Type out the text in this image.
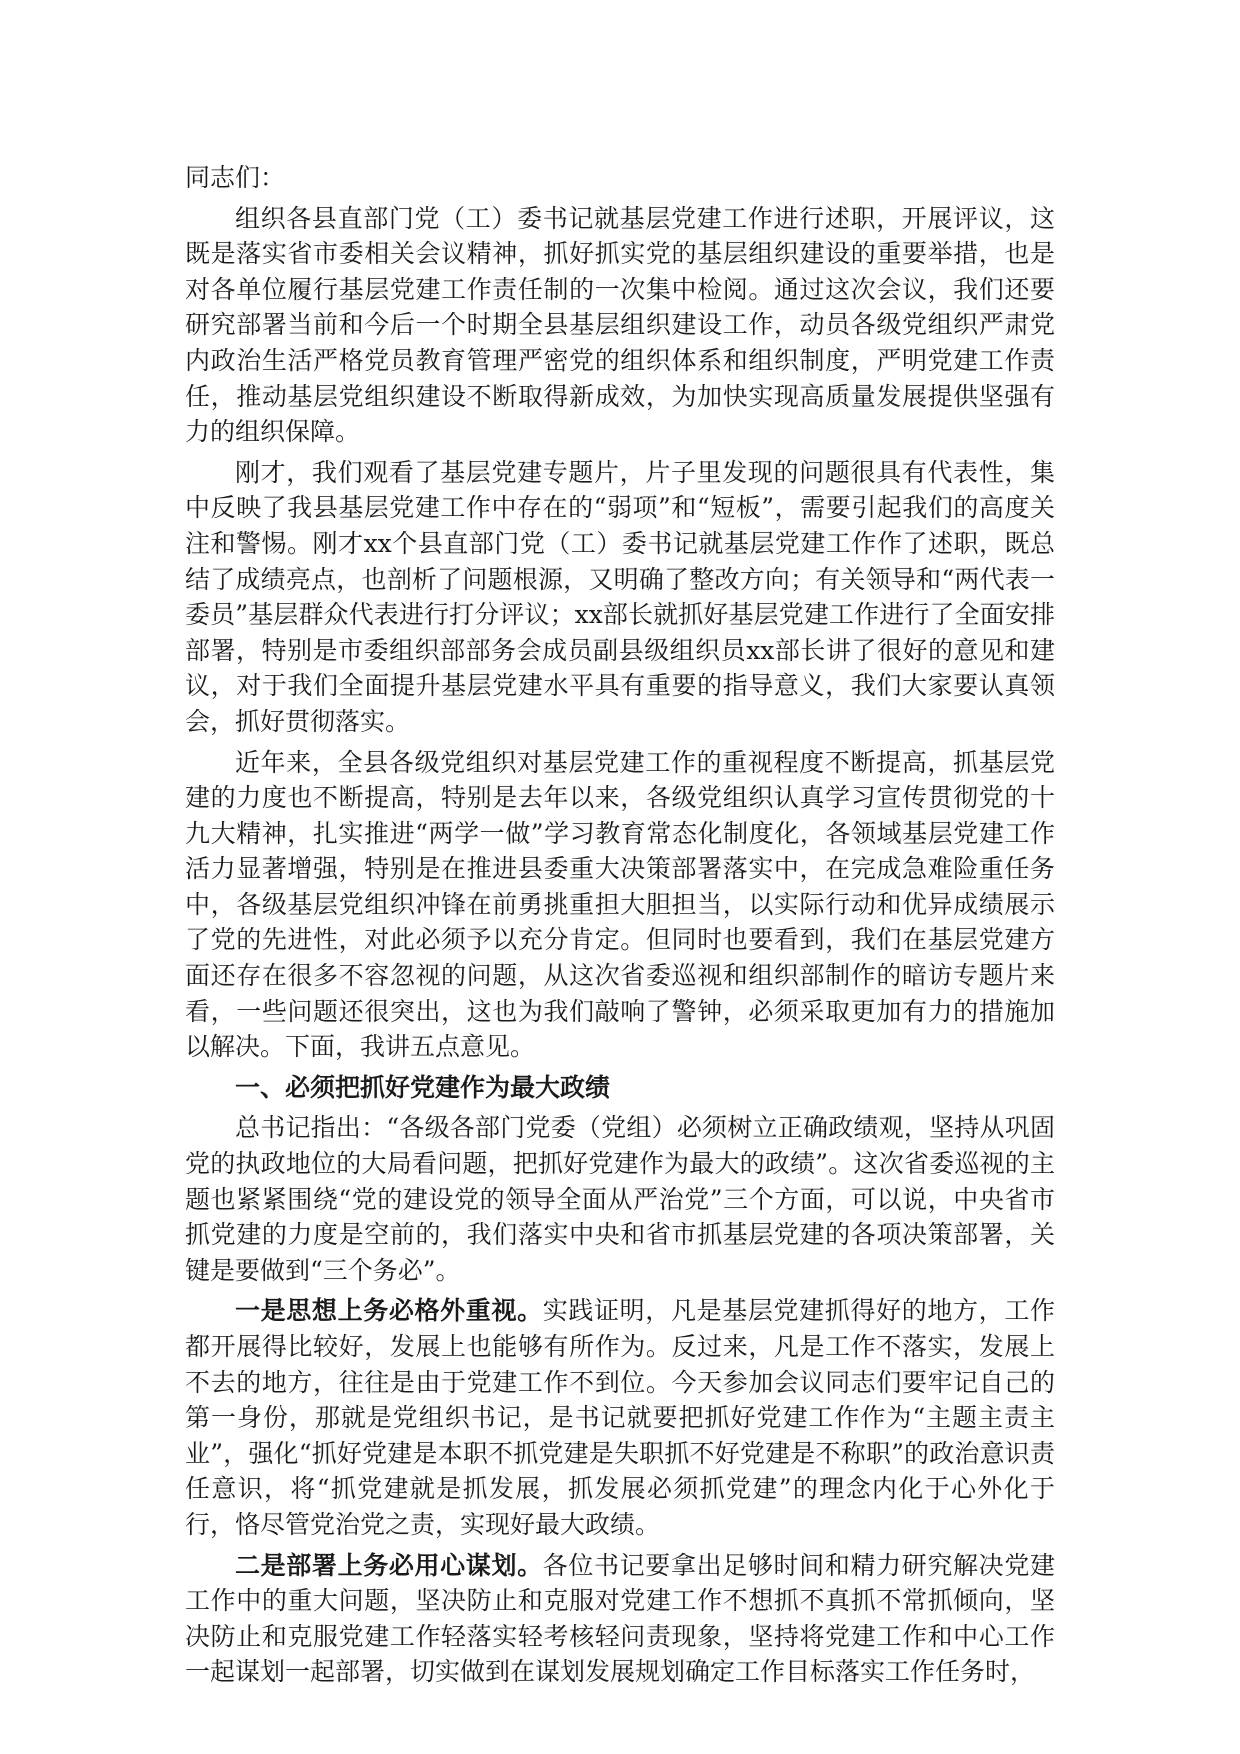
同志们：

组织各县直部门党（工）委书记就基层党建工作进行述职，开展评议，这既是落实省市委相关会议精神，抓好抓实党的基层组织建设的重要举措，也是对各单位履行基层党建工作责任制的一次集中检阅。通过这次会议，我们还要研究部署当前和今后一个时期全县基层组织建设工作，动员各级党组织严肃党内政治生活严格党员教育管理严密党的组织体系和组织制度，严明党建工作责任，推动基层党组织建设不断取得新成效，为加快实现高质量发展提供坚强有力的组织保障。

刚才，我们观看了基层党建专题片，片子里发现的问题很具有代表性，集中反映了我县基层党建工作中存在的“弱项”和“短板”，需要引起我们的高度关注和警惕。刚才xx个县直部门党（工）委书记就基层党建工作作了述职，既总结了成绩亮点，也剖析了问题根源，又明确了整改方向；有关领导和“两代表一委员”基层群众代表进行打分评议；xx部长就抓好基层党建工作进行了全面安排部署，特别是市委组织部部务会成员副县级组织员xx部长讲了很好的意见和建议，对于我们全面提升基层党建水平具有重要的指导意义，我们大家要认真领会，抓好贯彻落实。

近年来，全县各级党组织对基层党建工作的重视程度不断提高，抓基层党建的力度也不断提高，特别是去年以来，各级党组织认真学习宣传贯彻党的十九大精神，扎实推进“两学一做”学习教育常态化制度化，各领域基层党建工作活力显著增强，特别是在推进县委重大决策部署落实中，在完成急难险重任务中，各级基层党组织冲锋在前勇挑重担大胆担当，以实际行动和优异成绩展示了党的先进性，对此必须予以充分肯定。但同时也要看到，我们在基层党建方面还存在很多不容忽视的问题，从这次省委巡视和组织部制作的暗访专题片来看，一些问题还很突出，这也为我们敲响了警钟，必须采取更加有力的措施加以解决。下面，我讲五点意见。

一、必须把抓好党建作为最大政绩

总书记指出：“各级各部门党委（党组）必须树立正确政绩观，坚持从巩固党的执政地位的大局看问题，把抓好党建作为最大的政绩”。这次省委巡视的主题也紧紧围绕“党的建设党的领导全面从严治党”三个方面，可以说，中央省市抓党建的力度是空前的，我们落实中央和省市抓基层党建的各项决策部署，关键是要做到“三个务必”。

一是思想上务必格外重视。实践证明，凡是基层党建抓得好的地方，工作都开展得比较好，发展上也能够有所作为。反过来，凡是工作不落实，发展上不去的地方，往往是由于党建工作不到位。今天参加会议同志们要牢记自己的第一身份，那就是党组织书记，是书记就要把抓好党建工作作为“主题主责主业”，强化“抓好党建是本职不抓党建是失职抓不好党建是不称职”的政治意识责任意识，将“抓党建就是抓发展，抓发展必须抓党建”的理念内化于心外化于行，恪尽管党治党之责，实现好最大政绩。

二是部署上务必用心谋划。各位书记要拿出足够时间和精力研究解决党建工作中的重大问题，坚决防止和克服对党建工作不想抓不真抓不常抓倾向，坚决防止和克服党建工作轻落实轻考核轻问责现象，坚持将党建工作和中心工作一起谋划一起部署，切实做到在谋划发展规划确定工作目标落实工作任务时，
